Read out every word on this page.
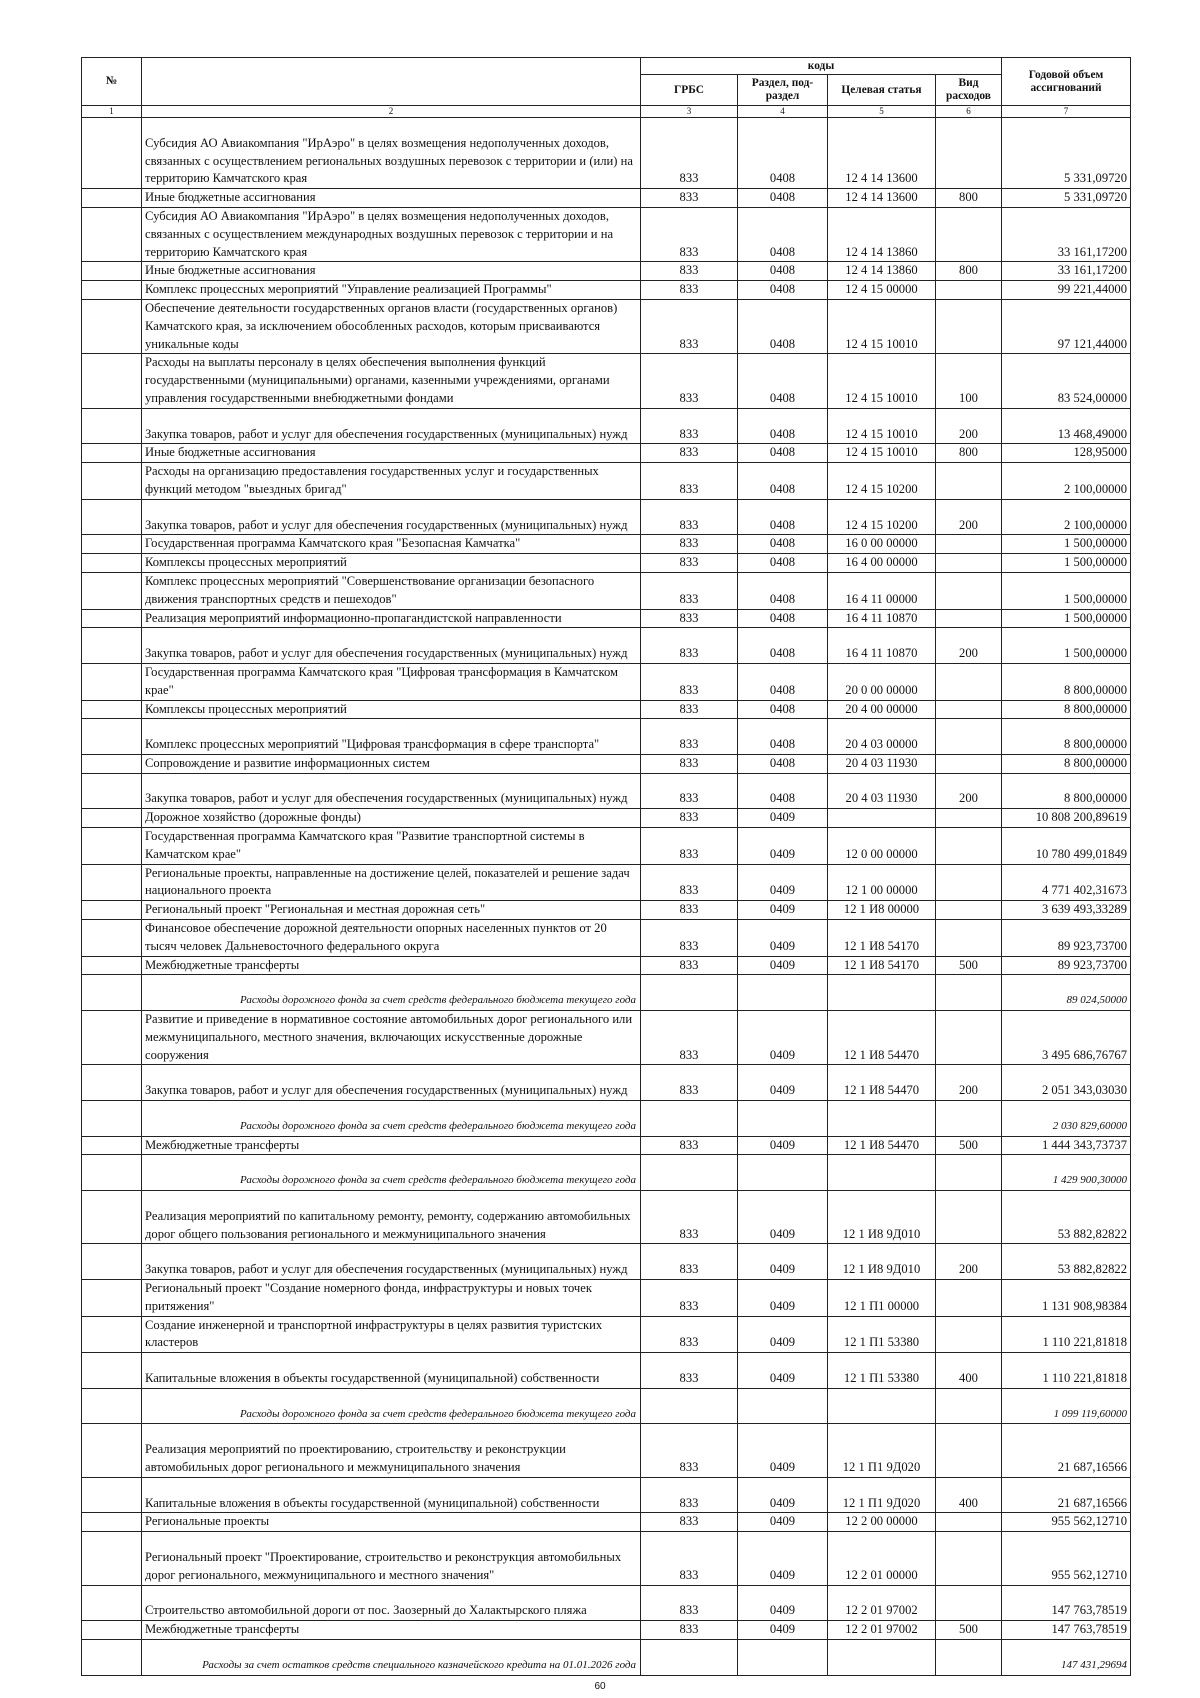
№		коды				Годовой объем ассигнований
		ГРБС	Раздел, под-раздел	Целевая статья	Вид расходов	
1	2	3	4	5	6	7
	Субсидия АО Авиакомпания "ИрАэро" в целях возмещения недополученных доходов, связанных с осуществлением региональных воздушных перевозок с территории и (или) на территорию Камчатского края	833	0408	12 4 14 13600		5 331,09720
	Иные бюджетные ассигнования	833	0408	12 4 14 13600	800	5 331,09720
	Субсидия АО Авиакомпания "ИрАэро" в целях возмещения недополученных доходов, связанных с осуществлением международных воздушных перевозок с территории и на территорию Камчатского края	833	0408	12 4 14 13860		33 161,17200
	Иные бюджетные ассигнования	833	0408	12 4 14 13860	800	33 161,17200
	Комплекс процессных мероприятий "Управление реализацией Программы"	833	0408	12 4 15 00000		99 221,44000
	Обеспечение деятельности государственных органов власти (государственных органов) Камчатского края, за исключением обособленных расходов, которым присваиваются уникальные коды	833	0408	12 4 15 10010		97 121,44000
	Расходы на выплаты персоналу в целях обеспечения выполнения функций государственными (муниципальными) органами, казенными учреждениями, органами управления государственными внебюджетными фондами	833	0408	12 4 15 10010	100	83 524,00000
	Закупка товаров, работ и услуг для обеспечения государственных (муниципальных) нужд	833	0408	12 4 15 10010	200	13 468,49000
	Иные бюджетные ассигнования	833	0408	12 4 15 10010	800	128,95000
	Расходы на организацию предоставления государственных услуг и государственных функций методом "выездных бригад"	833	0408	12 4 15 10200		2 100,00000
	Закупка товаров, работ и услуг для обеспечения государственных (муниципальных) нужд	833	0408	12 4 15 10200	200	2 100,00000
	Государственная программа Камчатского края "Безопасная Камчатка"	833	0408	16 0 00 00000		1 500,00000
	Комплексы процессных мероприятий	833	0408	16 4 00 00000		1 500,00000
	Комплекс процессных мероприятий "Совершенствование организации безопасного движения транспортных средств и пешеходов"	833	0408	16 4 11 00000		1 500,00000
	Реализация мероприятий информационно-пропагандистской направленности	833	0408	16 4 11 10870		1 500,00000
	Закупка товаров, работ и услуг для обеспечения государственных (муниципальных) нужд	833	0408	16 4 11 10870	200	1 500,00000
	Государственная программа Камчатского края "Цифровая трансформация в Камчатском крае"	833	0408	20 0 00 00000		8 800,00000
	Комплексы процессных мероприятий	833	0408	20 4 00 00000		8 800,00000
	Комплекс процессных мероприятий "Цифровая трансформация в сфере транспорта"	833	0408	20 4 03 00000		8 800,00000
	Сопровождение и развитие информационных систем	833	0408	20 4 03 11930		8 800,00000
	Закупка товаров, работ и услуг для обеспечения государственных (муниципальных) нужд	833	0408	20 4 03 11930	200	8 800,00000
	Дорожное хозяйство (дорожные фонды)	833	0409			10 808 200,89619
	Государственная программа Камчатского края "Развитие транспортной системы в Камчатском крае"	833	0409	12 0 00 00000		10 780 499,01849
	Региональные проекты, направленные на достижение целей, показателей и решение задач национального проекта	833	0409	12 1 00 00000		4 771 402,31673
	Региональный проект "Региональная и местная дорожная сеть"	833	0409	12 1 И8 00000		3 639 493,33289
	Финансовое обеспечение дорожной деятельности опорных населенных пунктов от 20 тысяч человек Дальневосточного федерального округа	833	0409	12 1 И8 54170		89 923,73700
	Межбюджетные трансферты	833	0409	12 1 И8 54170	500	89 923,73700
	Расходы дорожного фонда за счет средств федерального бюджета текущего года					89 024,50000
	Развитие и приведение в нормативное состояние автомобильных дорог регионального или межмуниципального, местного значения, включающих искусственные дорожные сооружения	833	0409	12 1 И8 54470		3 495 686,76767
	Закупка товаров, работ и услуг для обеспечения государственных (муниципальных) нужд	833	0409	12 1 И8 54470	200	2 051 343,03030
	Расходы дорожного фонда за счет средств федерального бюджета текущего года					2 030 829,60000
	Межбюджетные трансферты	833	0409	12 1 И8 54470	500	1 444 343,73737
	Расходы дорожного фонда за счет средств федерального бюджета текущего года					1 429 900,30000
	Реализация мероприятий по капитальному ремонту, ремонту, содержанию автомобильных дорог общего пользования регионального и межмуниципального значения	833	0409	12 1 И8 9Д010		53 882,82822
	Закупка товаров, работ и услуг для обеспечения государственных (муниципальных) нужд	833	0409	12 1 И8 9Д010	200	53 882,82822
	Региональный проект "Создание номерного фонда, инфраструктуры и новых точек притяжения"	833	0409	12 1 П1 00000		1 131 908,98384
	Создание инженерной и транспортной инфраструктуры в целях развития туристских кластеров	833	0409	12 1 П1 53380		1 110 221,81818
	Капитальные вложения в объекты государственной (муниципальной) собственности	833	0409	12 1 П1 53380	400	1 110 221,81818
	Расходы дорожного фонда за счет средств федерального бюджета текущего года					1 099 119,60000
	Реализация мероприятий по проектированию, строительству и реконструкции автомобильных дорог регионального и межмуниципального значения	833	0409	12 1 П1 9Д020		21 687,16566
	Капитальные вложения в объекты государственной (муниципальной) собственности	833	0409	12 1 П1 9Д020	400	21 687,16566
	Региональные проекты	833	0409	12 2 00 00000		955 562,12710
	Региональный проект "Проектирование, строительство и реконструкция автомобильных дорог регионального, межмуниципального и местного значения"	833	0409	12 2 01 00000		955 562,12710
	Строительство автомобильной дороги от пос. Заозерный до Халактырского пляжа	833	0409	12 2 01 97002		147 763,78519
	Межбюджетные трансферты	833	0409	12 2 01 97002	500	147 763,78519
	Расходы за счет остатков средств специального казначейского кредита на 01.01.2026 года					147 431,29694
60
